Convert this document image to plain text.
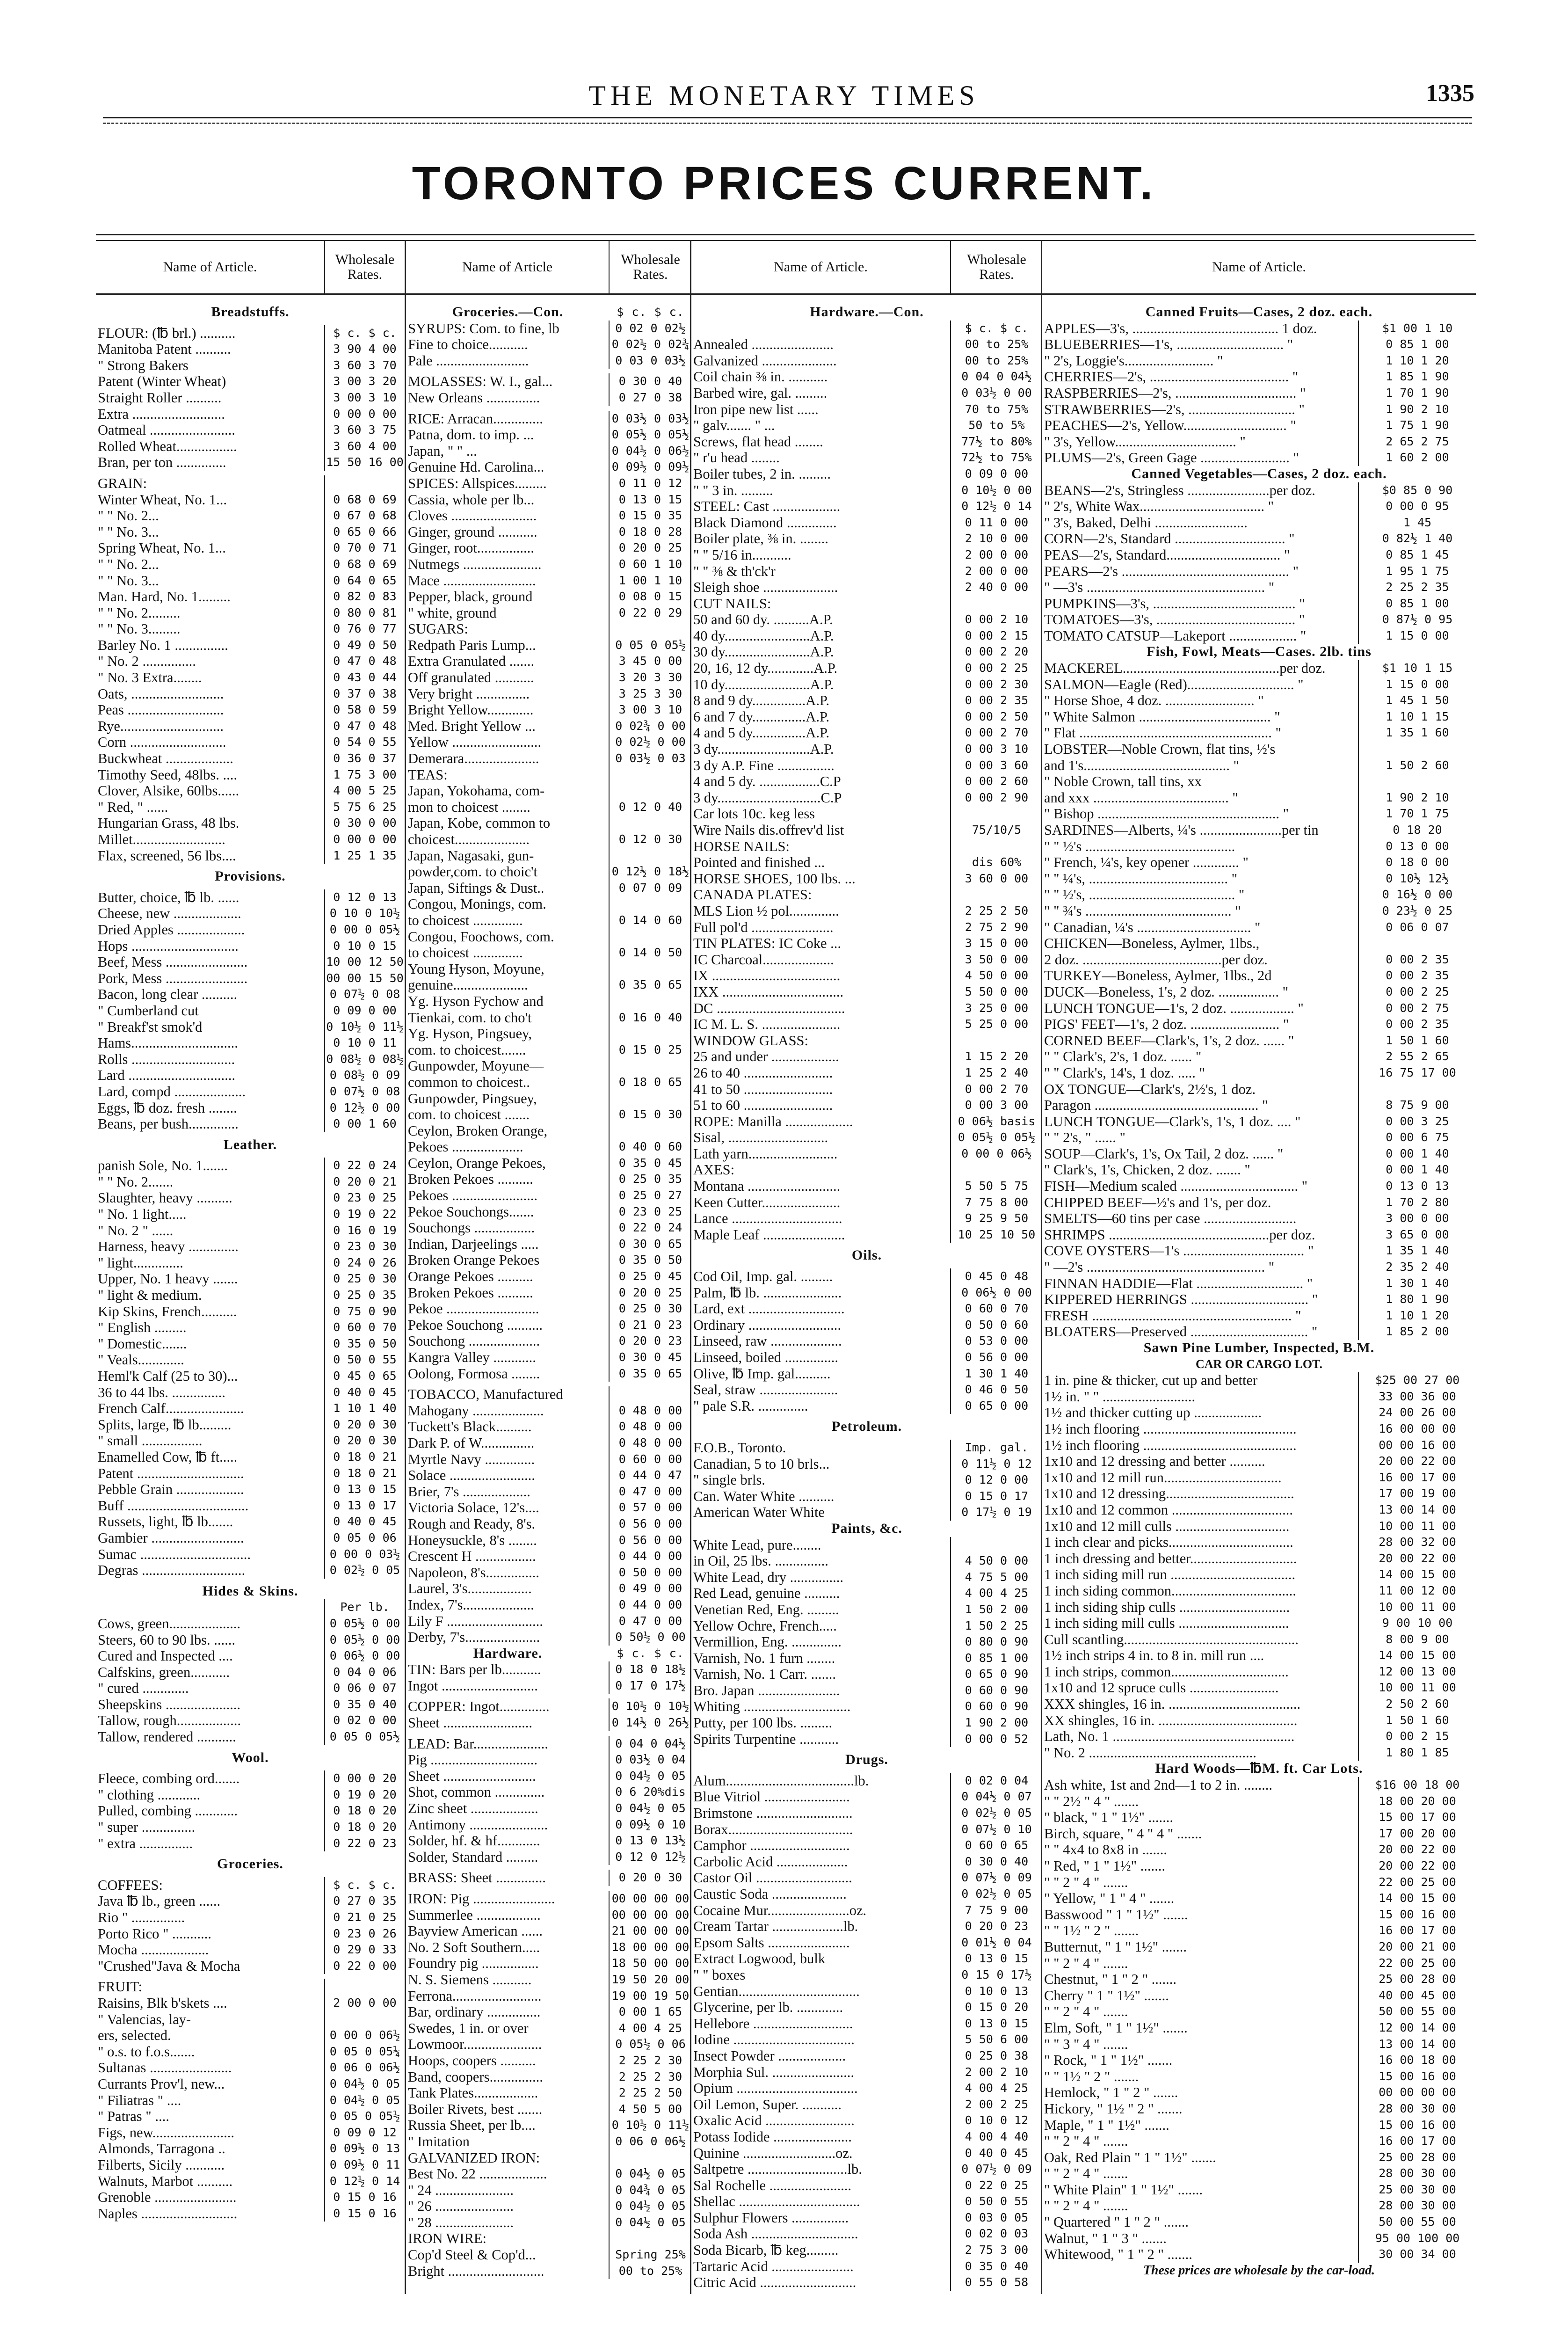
THE MONETARY TIMES	1335
TORONTO PRICES CURRENT.
Name of Article.	Wholesale
Rates.
Breadstuffs.
FLOUR: (℔ brl.) ..........	$ c. $ c.
Manitoba Patent ..........	3 90 4 00
" Strong Bakers	3 60 3 70
Patent (Winter Wheat)	3 00 3 20
Straight Roller ..........	3 00 3 10
Extra ..........................	0 00 0 00
Oatmeal ........................	3 60 3 75
Rolled Wheat.................	3 60 4 00
Bran, per ton ..............	15 50 16 00
GRAIN:
Winter Wheat, No. 1...	0 68 0 69
" " No. 2...	0 67 0 68
" " No. 3...	0 65 0 66
Spring Wheat, No. 1...	0 70 0 71
" " No. 2...	0 68 0 69
" " No. 3...	0 64 0 65
Man. Hard, No. 1.........	0 82 0 83
" " No. 2.........	0 80 0 81
" " No. 3.........	0 76 0 77
Barley No. 1 ...............	0 49 0 50
" No. 2 ...............	0 47 0 48
" No. 3 Extra........	0 43 0 44
Oats, ..........................	0 37 0 38
Peas ...........................	0 58 0 59
Rye.............................	0 47 0 48
Corn ...........................	0 54 0 55
Buckwheat ...................	0 36 0 37
Timothy Seed, 48lbs. ....	1 75 3 00
Clover, Alsike, 60lbs......	4 00 5 25
" Red, " ......	5 75 6 25
Hungarian Grass, 48 lbs.	0 30 0 00
Millet..........................	0 00 0 00
Flax, screened, 56 lbs....	1 25 1 35
Provisions.
Butter, choice, ℔ lb. ......	0 12 0 13
Cheese, new ...................	0 10 0 10½
Dried Apples ...................	0 00 0 05½
Hops ..............................	0 10 0 15
Beef, Mess .......................	10 00 12 50
Pork, Mess .......................	00 00 15 50
Bacon, long clear ..........	0 07½ 0 08
" Cumberland cut	0 09 0 00
" Breakf'st smok'd	0 10½ 0 11½
Hams..............................	0 10 0 11
Rolls .............................	0 08½ 0 08½
Lard ..............................	0 08½ 0 09
Lard, compd ....................	0 07½ 0 08
Eggs, ℔ doz. fresh ........	0 12½ 0 00
Beans, per bush..............	0 00 1 60
Leather.
panish Sole, No. 1.......	0 22 0 24
" " No. 2.......	0 20 0 21
Slaughter, heavy ..........	0 23 0 25
" No. 1 light.....	0 19 0 22
" No. 2 " ......	0 16 0 19
Harness, heavy ..............	0 23 0 30
" light..............	0 24 0 26
Upper, No. 1 heavy .......	0 25 0 30
" light & medium.	0 25 0 35
Kip Skins, French..........	0 75 0 90
" English .........	0 60 0 70
" Domestic.......	0 35 0 50
" Veals.............	0 50 0 55
Heml'k Calf (25 to 30)...	0 45 0 65
36 to 44 lbs. ...............	0 40 0 45
French Calf......................	1 10 1 40
Splits, large, ℔ lb.........	0 20 0 30
" small .................	0 20 0 30
Enamelled Cow, ℔ ft.....	0 18 0 21
Patent ..............................	0 18 0 21
Pebble Grain ...................	0 13 0 15
Buff ..................................	0 13 0 17
Russets, light, ℔ lb.......	0 40 0 45
Gambier ..........................	0 05 0 06
Sumac ...............................	0 00 0 03½
Degras .............................	0 02½ 0 05
Hides & Skins.
Per lb.
Cows, green....................	0 05½ 0 00
Steers, 60 to 90 lbs. ......	0 05½ 0 00
Cured and Inspected ....	0 06½ 0 00
Calfskins, green...........	0 04 0 06
" cured .............	0 06 0 07
Sheepskins .....................	0 35 0 40
Tallow, rough..................	0 02 0 00
Tallow, rendered ...........	0 05 0 05½
Wool.
Fleece, combing ord.......	0 00 0 20
" clothing ............	0 19 0 20
Pulled, combing ............	0 18 0 20
" super ...............	0 18 0 20
" extra ...............	0 22 0 23
Groceries.
COFFEES:	$ c. $ c.
Java ℔ lb., green ......	0 27 0 35
Rio " ...............	0 21 0 25
Porto Rico " ...........	0 23 0 26
Mocha ...................	0 29 0 33
"Crushed"Java & Mocha	0 22 0 00
FRUIT:
Raisins, Blk b'skets ....	2 00 0 00
" Valencias, lay-
ers, selected.	0 00 0 06½
" o.s. to f.o.s.......	0 05 0 05¼
Sultanas .......................	0 06 0 06½
Currants Prov'l, new...	0 04½ 0 05
" Filiatras " ....	0 04½ 0 05
" Patras " ....	0 05 0 05½
Figs, new.......................	0 09 0 12
Almonds, Tarragona ..	0 09½ 0 13
Filberts, Sicily ...........	0 09½ 0 11
Walnuts, Marbot ..........	0 12½ 0 14
Grenoble .......................	0 15 0 16
Naples ...........................	0 15 0 16
Name of Article	Wholesale
Rates.
Groceries.—Con.	$ c. $ c.
SYRUPS: Com. to fine, lb	0 02 0 02½
Fine to choice...........	0 02½ 0 02¾
Pale ..........................	0 03 0 03½
MOLASSES: W. I., gal...	0 30 0 40
New Orleans ...............	0 27 0 38
RICE: Arracan..............	0 03½ 0 03½
Patna, dom. to imp. ...	0 05½ 0 05½
Japan, " " ...	0 04½ 0 06½
Genuine Hd. Carolina...	0 09½ 0 09½
SPICES: Allspices.........	0 11 0 12
Cassia, whole per lb...	0 13 0 15
Cloves ........................	0 15 0 35
Ginger, ground ...........	0 18 0 28
Ginger, root................	0 20 0 25
Nutmegs ......................	0 60 1 10
Mace ..........................	1 00 1 10
Pepper, black, ground	0 08 0 15
" white, ground	0 22 0 29
SUGARS:
Redpath Paris Lump...	0 05 0 05½
Extra Granulated .......	3 45 0 00
Off granulated ...........	3 20 3 30
Very bright ...............	3 25 3 30
Bright Yellow.............	3 00 3 10
Med. Bright Yellow ...	0 02¾ 0 00
Yellow .........................	0 02½ 0 00
Demerara.....................	0 03½ 0 03
TEAS:
Japan, Yokohama, com-
mon to choicest ........	0 12 0 40
Japan, Kobe, common to
choicest.....................	0 12 0 30
Japan, Nagasaki, gun-
powder,com. to choic't	0 12½ 0 18½
Japan, Siftings & Dust..	0 07 0 09
Congou, Monings, com.
to choicest ..............	0 14 0 60
Congou, Foochows, com.
to choicest ..............	0 14 0 50
Young Hyson, Moyune,
genuine.....................	0 35 0 65
Yg. Hyson Fychow and
Tienkai, com. to cho't	0 16 0 40
Yg. Hyson, Pingsuey,
com. to choicest.......	0 15 0 25
Gunpowder, Moyune—
common to choicest..	0 18 0 65
Gunpowder, Pingsuey,
com. to choicest .......	0 15 0 30
Ceylon, Broken Orange,
Pekoes ....................	0 40 0 60
Ceylon, Orange Pekoes,	0 35 0 45
Broken Pekoes ..........	0 25 0 35
Pekoes ........................	0 25 0 27
Pekoe Souchongs.......	0 23 0 25
Souchongs .................	0 22 0 24
Indian, Darjeelings .....	0 30 0 65
Broken Orange Pekoes	0 35 0 50
Orange Pekoes ..........	0 25 0 45
Broken Pekoes ..........	0 20 0 25
Pekoe ..........................	0 25 0 30
Pekoe Souchong ..........	0 21 0 23
Souchong ....................	0 20 0 23
Kangra Valley ............	0 30 0 45
Oolong, Formosa ........	0 35 0 65
TOBACCO, Manufactured
Mahogany ....................	0 48 0 00
Tuckett's Black..........	0 48 0 00
Dark P. of W...............	0 48 0 00
Myrtle Navy ..............	0 60 0 00
Solace ........................	0 44 0 47
Brier, 7's ...................	0 47 0 00
Victoria Solace, 12's....	0 57 0 00
Rough and Ready, 8's.	0 56 0 00
Honeysuckle, 8's ........	0 56 0 00
Crescent H .................	0 44 0 00
Napoleon, 8's...............	0 50 0 00
Laurel, 3's..................	0 49 0 00
Index, 7's....................	0 44 0 00
Lily F ...........................	0 47 0 00
Derby, 7's.....................	0 50½ 0 00
Hardware.	$ c. $ c.
TIN: Bars per lb...........	0 18 0 18½
Ingot ...........................	0 17 0 17½
COPPER: Ingot..............	0 10½ 0 10½
Sheet .........................	0 14½ 0 26½
LEAD: Bar.....................	0 04 0 04½
Pig ..............................	0 03½ 0 04
Sheet ..........................	0 04½ 0 05
Shot, common ..............	0 6 20%dis
Zinc sheet ...................	0 04½ 0 05
Antimony ......................	0 09½ 0 10
Solder, hf. & hf............	0 13 0 13½
Solder, Standard .........	0 12 0 12½
BRASS: Sheet ..............	0 20 0 30
IRON: Pig .......................	00 00 00 00
Summerlee ..................	00 00 00 00
Bayview American ......	21 00 00 00
No. 2 Soft Southern.....	18 00 00 00
Foundry pig ................	18 50 00 00
N. S. Siemens ...........	19 50 20 00
Ferrona.........................	19 00 19 50
Bar, ordinary ...............	0 00 1 65
Swedes, 1 in. or over	4 00 4 25
Lowmoor......................	0 05½ 0 06
Hoops, coopers ..........	2 25 2 30
Band, coopers...............	2 25 2 30
Tank Plates..................	2 25 2 50
Boiler Rivets, best .......	4 50 5 00
Russia Sheet, per lb....	0 10½ 0 11½
" Imitation	0 06 0 06½
GALVANIZED IRON:
Best No. 22 ...................	0 04½ 0 05
" 24 ......................	0 04¾ 0 05
" 26 ......................	0 04½ 0 05
" 28 ......................	0 04½ 0 05
IRON WIRE:
Cop'd Steel & Cop'd...	Spring 25%
Bright ...........................	00 to 25%
Name of Article.	Wholesale
Rates.
Hardware.—Con.
$ c. $ c.
Annealed .......................	00 to 25%
Galvanized .....................	00 to 25%
Coil chain ⅜ in. ...........	0 04 0 04½
Barbed wire, gal. .........	0 03½ 0 00
Iron pipe new list ......	70 to 75%
" galv....... " ...	50 to 5%
Screws, flat head ........	77½ to 80%
" r'u head ........	72½ to 75%
Boiler tubes, 2 in. .........	0 09 0 00
" " 3 in. .........	0 10½ 0 00
STEEL: Cast ...................	0 12½ 0 14
Black Diamond ..............	0 11 0 00
Boiler plate, ⅜ in. ........	2 10 0 00
" " 5/16 in...........	2 00 0 00
" " ⅜ & th'ck'r	2 00 0 00
Sleigh shoe .....................	2 40 0 00
CUT NAILS:
50 and 60 dy. ..........A.P.	0 00 2 10
40 dy........................A.P.	0 00 2 15
30 dy........................A.P.	0 00 2 20
20, 16, 12 dy.............A.P.	0 00 2 25
10 dy........................A.P.	0 00 2 30
8 and 9 dy...............A.P.	0 00 2 35
6 and 7 dy...............A.P.	0 00 2 50
4 and 5 dy...............A.P.	0 00 2 70
3 dy..........................A.P.	0 00 3 10
3 dy A.P. Fine ................	0 00 3 60
4 and 5 dy. .................C.P	0 00 2 60
3 dy.............................C.P	0 00 2 90
Car lots 10c. keg less
Wire Nails dis.offrev'd list	75/10/5
HORSE NAILS:
Pointed and finished ...	dis 60%
HORSE SHOES, 100 lbs. ...	3 60 0 00
CANADA PLATES:
MLS Lion ½ pol..............	2 25 2 50
Full pol'd .......................	2 75 2 90
TIN PLATES: IC Coke ...	3 15 0 00
IC Charcoal....................	3 50 0 00
IX ....................................	4 50 0 00
IXX ..................................	5 50 0 00
DC ....................................	3 25 0 00
IC M. L. S. ......................	5 25 0 00
WINDOW GLASS:
25 and under ...................	1 15 2 20
26 to 40 .........................	1 25 2 40
41 to 50 .........................	0 00 2 70
51 to 60 .........................	0 00 3 00
ROPE: Manilla ...................	0 06½ basis
Sisal, ............................	0 05½ 0 05½
Lath yarn.........................	0 00 0 06½
AXES:
Montana ..........................	5 50 5 75
Keen Cutter......................	7 75 8 00
Lance ...............................	9 25 9 50
Maple Leaf .......................	10 25 10 50
Oils.
Cod Oil, Imp. gal. .........	0 45 0 48
Palm, ℔ lb. ......................	0 06½ 0 00
Lard, ext ...........................	0 60 0 70
Ordinary ..........................	0 50 0 60
Linseed, raw ....................	0 53 0 00
Linseed, boiled ...............	0 56 0 00
Olive, ℔ Imp. gal..........	1 30 1 40
Seal, straw ......................	0 46 0 50
" pale S.R. ..............	0 65 0 00
Petroleum.
F.O.B., Toronto.	Imp. gal.
Canadian, 5 to 10 brls...	0 11½ 0 12
" single brls.	0 12 0 00
Can. Water White ..........	0 15 0 17
American Water White	0 17½ 0 19
Paints, &c.
White Lead, pure........
in Oil, 25 lbs. ...............	4 50 0 00
White Lead, dry ...............	4 75 5 00
Red Lead, genuine ..........	4 00 4 25
Venetian Red, Eng. .........	1 50 2 00
Yellow Ochre, French.....	1 50 2 25
Vermillion, Eng. ..............	0 80 0 90
Varnish, No. 1 furn ........	0 85 1 00
Varnish, No. 1 Carr. .......	0 65 0 90
Bro. Japan .......................	0 60 0 90
Whiting ..............................	0 60 0 90
Putty, per 100 lbs. .........	1 90 2 00
Spirits Turpentine ...........	0 00 0 52
Drugs.
Alum....................................lb.	0 02 0 04
Blue Vitriol ........................	0 04½ 0 07
Brimstone ...........................	0 02½ 0 05
Borax...................................	0 07½ 0 10
Camphor ............................	0 60 0 65
Carbolic Acid ....................	0 30 0 40
Castor Oil ...........................	0 07½ 0 09
Caustic Soda .....................	0 02½ 0 05
Cocaine Mur.......................oz.	7 75 9 00
Cream Tartar ....................lb.	0 20 0 23
Epsom Salts .......................	0 01½ 0 04
Extract Logwood, bulk	0 13 0 15
" " boxes	0 15 0 17½
Gentian..................................	0 10 0 13
Glycerine, per lb. .............	0 15 0 20
Hellebore ............................	0 13 0 15
Iodine ..................................	5 50 6 00
Insect Powder ...................	0 25 0 38
Morphia Sul. .......................	2 00 2 10
Opium ..................................	4 00 4 25
Oil Lemon, Super. ...........	2 00 2 25
Oxalic Acid .........................	0 10 0 12
Potass Iodide ......................	4 00 4 40
Quinine ..........................oz.	0 40 0 45
Saltpetre ............................lb.	0 07½ 0 09
Sal Rochelle .......................	0 22 0 25
Shellac ..................................	0 50 0 55
Sulphur Flowers ................	0 03 0 05
Soda Ash ..............................	0 02 0 03
Soda Bicarb, ℔ keg.........	2 75 3 00
Tartaric Acid .......................	0 35 0 40
Citric Acid ...........................	0 55 0 58
Name of Article.
Canned Fruits—Cases, 2 doz. each.
APPLES—3's, ......................................... 1 doz.	$1 00 1 10
BLUEBERRIES—1's, .............................. "	0 85 1 00
" 2's, Loggie's......................... "	1 10 1 20
CHERRIES—2's, ....................................... "	1 85 1 90
RASPBERRIES—2's, .................................. "	1 70 1 90
STRAWBERRIES—2's, .............................. "	1 90 2 10
PEACHES—2's, Yellow............................. "	1 75 1 90
" 3's, Yellow.................................. "	2 65 2 75
PLUMS—2's, Green Gage ......................... "	1 60 2 00
Canned Vegetables—Cases, 2 doz. each.
BEANS—2's, Stringless .......................per doz.	$0 85 0 90
" 2's, White Wax................................... "	0 00 0 95
" 3's, Baked, Delhi ..........................	1 45
CORN—2's, Standard ............................... "	0 82½ 1 40
PEAS—2's, Standard................................ "	0 85 1 45
PEARS—2's ............................................... "	1 95 1 75
" —3's .................................................. "	2 25 2 35
PUMPKINS—3's, ........................................ "	0 85 1 00
TOMATOES—3's, ....................................... "	0 87½ 0 95
TOMATO CATSUP—Lakeport ................... "	1 15 0 00
Fish, Fowl, Meats—Cases. 2lb. tins
MACKEREL............................................per doz.	$1 10 1 15
SALMON—Eagle (Red).............................. "	1 15 0 00
" Horse Shoe, 4 doz. ......................... "	1 45 1 50
" White Salmon ..................................... "	1 10 1 15
" Flat ...................................................... "	1 35 1 60
LOBSTER—Noble Crown, flat tins, ½'s
and 1's......................................... "	1 50 2 60
" Noble Crown, tall tins, xx
and xxx ...................................... "	1 90 2 10
" Bishop ................................................... "	1 70 1 75
SARDINES—Alberts, ¼'s .......................per tin	0 18 20
" " ½'s ..........................................	0 13 0 00
" French, ¼'s, key opener ............. "	0 18 0 00
" " ¼'s, ....................................... "	0 10½ 12½
" " ½'s, ......................................... "	0 16½ 0 00
" " ¾'s ......................................... "	0 23½ 0 25
" Canadian, ¼'s ................................ "	0 06 0 07
CHICKEN—Boneless, Aylmer, 1lbs.,
2 doz. .......................................per doz.	0 00 2 35
TURKEY—Boneless, Aylmer, 1lbs., 2d	0 00 2 35
DUCK—Boneless, 1's, 2 doz. ................. "	0 00 2 25
LUNCH TONGUE—1's, 2 doz. .................. "	0 00 2 75
PIGS' FEET—1's, 2 doz. ......................... "	0 00 2 35
CORNED BEEF—Clark's, 1's, 2 doz. ...... "	1 50 1 60
" " Clark's, 2's, 1 doz. ...... "	2 55 2 65
" " Clark's, 14's, 1 doz. ..... "	16 75 17 00
OX TONGUE—Clark's, 2½'s, 1 doz.
Paragon .............................................. "	8 75 9 00
LUNCH TONGUE—Clark's, 1's, 1 doz. .... "	0 00 3 25
" " 2's, " ...... "	0 00 6 75
SOUP—Clark's, 1's, Ox Tail, 2 doz. ...... "	0 00 1 40
" Clark's, 1's, Chicken, 2 doz. ....... "	0 00 1 40
FISH—Medium scaled ................................. "	0 13 0 13
CHIPPED BEEF—½'s and 1's, per doz.	1 70 2 80
SMELTS—60 tins per case ..........................	3 00 0 00
SHRIMPS .............................................per doz.	3 65 0 00
COVE OYSTERS—1's .................................. "	1 35 1 40
" —2's .................................................. "	2 35 2 40
FINNAN HADDIE—Flat .............................. "	1 30 1 40
KIPPERED HERRINGS ................................. "	1 80 1 90
FRESH ........................................................ "	1 10 1 20
BLOATERS—Preserved ................................. "	1 85 2 00
Sawn Pine Lumber, Inspected, B.M.
CAR OR CARGO LOT.
1 in. pine & thicker, cut up and better	$25 00 27 00
1½ in. " " ..........................	33 00 36 00
1½ and thicker cutting up ...................	24 00 26 00
1½ inch flooring ...........................................	16 00 00 00
1½ inch flooring ...........................................	00 00 16 00
1x10 and 12 dressing and better ..........	20 00 22 00
1x10 and 12 mill run.................................	16 00 17 00
1x10 and 12 dressing....................................	17 00 19 00
1x10 and 12 common ..................................	13 00 14 00
1x10 and 12 mill culls ................................	10 00 11 00
1 inch clear and picks...................................	28 00 32 00
1 inch dressing and better..............................	20 00 22 00
1 inch siding mill run ...................................	14 00 15 00
1 inch siding common...................................	11 00 12 00
1 inch siding ship culls ...............................	10 00 11 00
1 inch siding mill culls ...............................	9 00 10 00
Cull scantling.................................................	8 00 9 00
1½ inch strips 4 in. to 8 in. mill run ....	14 00 15 00
1 inch strips, common.................................	12 00 13 00
1x10 and 12 spruce culls .........................	10 00 11 00
XXX shingles, 16 in. .....................................	2 50 2 60
XX shingles, 16 in. .......................................	1 50 1 60
Lath, No. 1 ...................................................	0 00 2 15
" No. 2 ...............................................	1 80 1 85
Hard Woods—℔M. ft. Car Lots.
Ash white, 1st and 2nd—1 to 2 in. ........	$16 00 18 00
" " 2½ " 4 " .......	18 00 20 00
" black, " 1 " 1½" .......	15 00 17 00
Birch, square, " 4 " 4 " .......	17 00 20 00
" " 4x4 to 8x8 in .......	20 00 22 00
" Red, " 1 " 1½" .......	20 00 22 00
" " 2 " 4 " .......	22 00 25 00
" Yellow, " 1 " 4 " .......	14 00 15 00
Basswood " 1 " 1½" .......	15 00 16 00
" " 1½ " 2 " .......	16 00 17 00
Butternut, " 1 " 1½" .......	20 00 21 00
" " 2 " 4 " .......	22 00 25 00
Chestnut, " 1 " 2 " .......	25 00 28 00
Cherry " 1 " 1½" .......	40 00 45 00
" " 2 " 4 " .......	50 00 55 00
Elm, Soft, " 1 " 1½" .......	12 00 14 00
" " 3 " 4 " .......	13 00 14 00
" Rock, " 1 " 1½" .......	16 00 18 00
" " 1½ " 2 " .......	15 00 16 00
Hemlock, " 1 " 2 " .......	00 00 00 00
Hickory, " 1½ " 2 " .......	28 00 30 00
Maple, " 1 " 1½" .......	15 00 16 00
" " 2 " 4 " .......	16 00 17 00
Oak, Red Plain " 1 " 1½" .......	25 00 28 00
" " 2 " 4 " .......	28 00 30 00
" White Plain" 1 " 1½" .......	25 00 30 00
" " 2 " 4 " .......	28 00 30 00
" Quartered " 1 " 2 " .......	50 00 55 00
Walnut, " 1 " 3 " .......	95 00 100 00
Whitewood, " 1 " 2 " .......	30 00 34 00
These prices are wholesale by the car-load.
